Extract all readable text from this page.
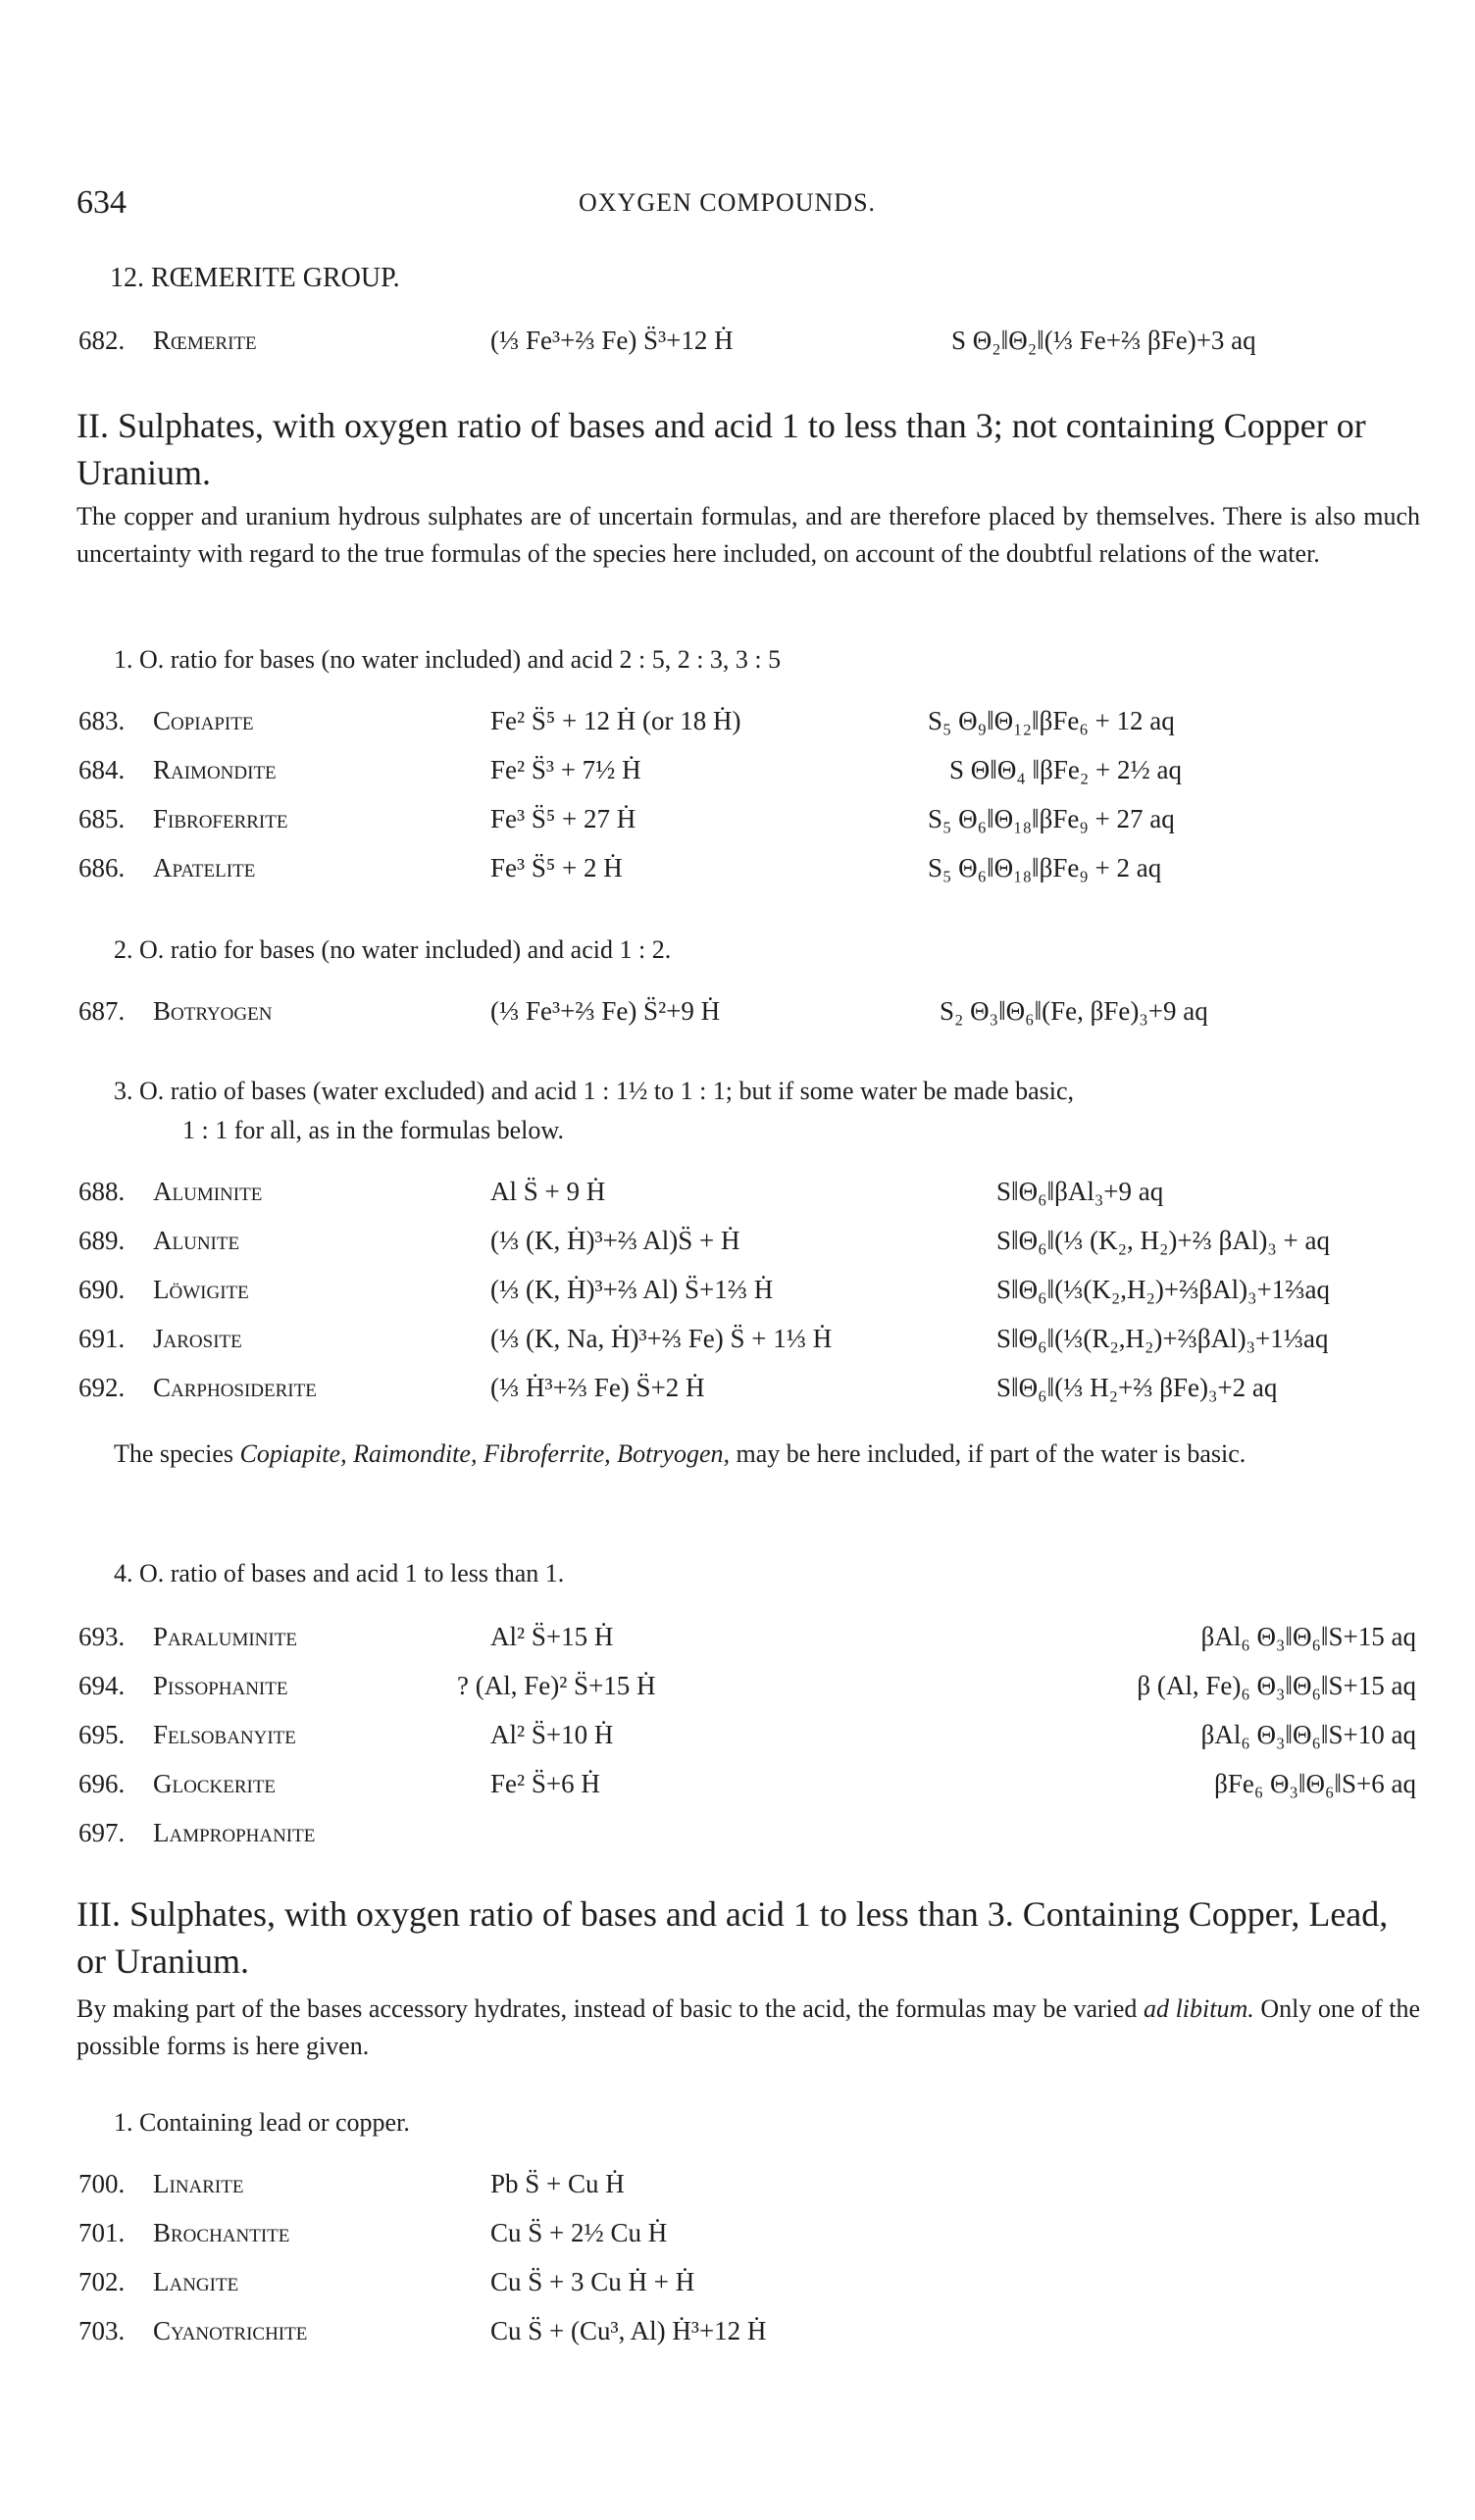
634	OXYGEN COMPOUNDS.
12. RŒMERITE GROUP.
682. Rœmerite	(⅓ Fe³+⅔ Fe) S̈³+12 Ḣ	S Θ₂‖Θ₂‖(⅓ Fe+⅔ βFe)+3 aq
II. Sulphates, with oxygen ratio of bases and acid 1 to less than 3; not containing Copper or Uranium.
The copper and uranium hydrous sulphates are of uncertain formulas, and are therefore placed by themselves. There is also much uncertainty with regard to the true formulas of the species here included, on account of the doubtful relations of the water.
1. O. ratio for bases (no water included) and acid 2 : 5, 2 : 3, 3 : 5
683. Copiapite	Fe² S̈⁵ + 12 Ḣ (or 18 Ḣ)	S₅ Θ₉‖Θ₁₂‖βFe₆ + 12 aq
684. Raimondite	Fe² S̈³ + 7½ Ḣ	S Θ‖Θ₄ ‖βFe₂ + 2½ aq
685. Fibroferrite	Fe³ S̈⁵ + 27 Ḣ	S₅ Θ₆‖Θ₁₈‖βFe₉ + 27 aq
686. Apatelite	Fe³ S̈⁵ + 2 Ḣ	S₅ Θ₆‖Θ₁₈‖βFe₉ + 2 aq
2. O. ratio for bases (no water included) and acid 1 : 2.
687. Botryogen	(⅓ Fe³+⅔ Fe) S̈²+9 Ḣ	S₂ Θ₃‖Θ₆‖(Fe, βFe)₃+9 aq
3. O. ratio of bases (water excluded) and acid 1 : 1½ to 1 : 1; but if some water be made basic,
1 : 1 for all, as in the formulas below.
688. Aluminite	Al S̈ + 9 Ḣ	S‖Θ₆‖βAl₃+9 aq
689. Alunite	(⅓ (K, Ḣ)³+⅔ Al)S̈ + Ḣ	S‖Θ₆‖(⅓ (K₂, H₂)+⅔ βAl)₃ + aq
690. Löwigite	(⅓ (K, Ḣ)³+⅔ Al) S̈+1⅔ Ḣ	S‖Θ₆‖(⅓(K₂,H₂)+⅔βAl)₃+1⅔aq
691. Jarosite	(⅓ (K, Na, Ḣ)³+⅔ Fe) S̈ + 1⅓ Ḣ	S‖Θ₆‖(⅓(R₂,H₂)+⅔βAl)₃+1⅓aq
692. Carphosiderite	(⅓ Ḣ³+⅔ Fe) S̈+2 Ḣ	S‖Θ₆‖(⅓ H₂+⅔ βFe)₃+2 aq
The species Copiapite, Raimondite, Fibroferrite, Botryogen, may be here included, if part of the water is basic.
4. O. ratio of bases and acid 1 to less than 1.
693. Paraluminite	Al² S̈+15 Ḣ	βAl₆ Θ₃‖Θ₆‖S+15 aq
694. Pissophanite	? (Al, Fe)² S̈+15 Ḣ	β (Al, Fe)₆ Θ₃‖Θ₆‖S+15 aq
695. Felsobanyite	Al² S̈+10 Ḣ	βAl₆ Θ₃‖Θ₆‖S+10 aq
696. Glockerite	Fe² S̈+6 Ḣ	βFe₆ Θ₃‖Θ₆‖S+6 aq
697. Lamprophanite
III. Sulphates, with oxygen ratio of bases and acid 1 to less than 3. Containing Copper, Lead, or Uranium.
By making part of the bases accessory hydrates, instead of basic to the acid, the formulas may be varied ad libitum. Only one of the possible forms is here given.
1. Containing lead or copper.
700. Linarite	Pb S̈ + Cu Ḣ
701. Brochantite	Cu S̈ + 2½ Cu Ḣ
702. Langite	Cu S̈ + 3 Cu Ḣ + Ḣ
703. Cyanotrichite	Cu S̈ + (Cu³, Al) Ḣ³+12 Ḣ
